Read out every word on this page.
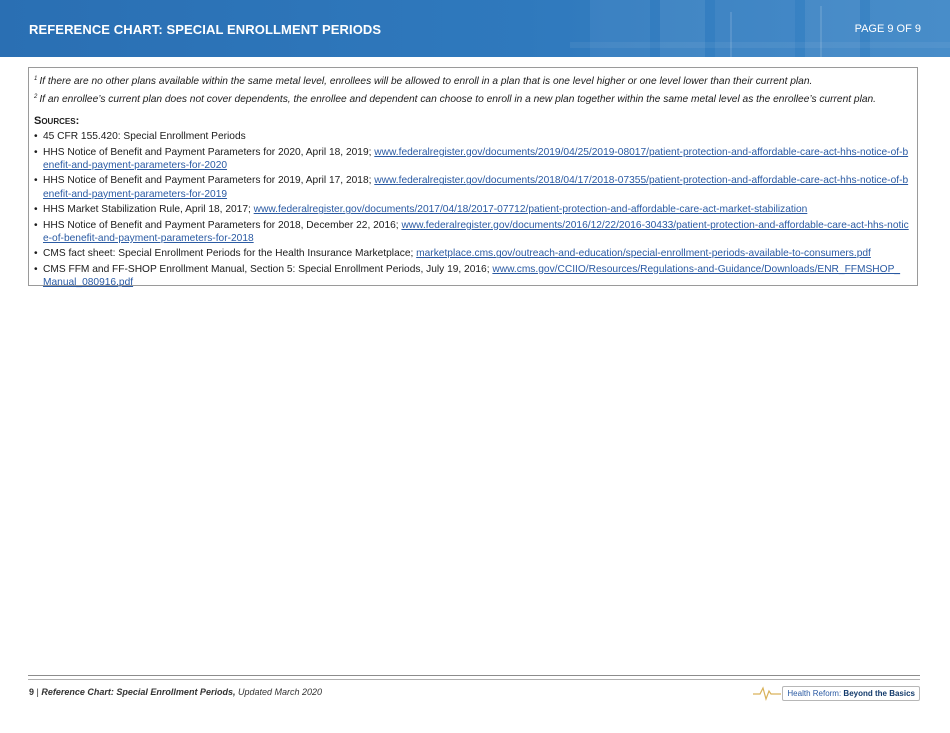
REFERENCE CHART: SPECIAL ENROLLMENT PERIODS	PAGE 9 OF 9
$^1$ If there are no other plans available within the same metal level, enrollees will be allowed to enroll in a plan that is one level higher or one level lower than their current plan.
$^2$ If an enrollee’s current plan does not cover dependents, the enrollee and dependent can choose to enroll in a new plan together within the same metal level as the enrollee’s current plan.
Sources:
• 45 CFR 155.420: Special Enrollment Periods
• HHS Notice of Benefit and Payment Parameters for 2020, April 18, 2019; www.federalregister.gov/documents/2019/04/25/2019-08017/patient-protection-and-affordable-care-act-hhs-notice-of-benefit-and-payment-parameters-for-2020
• HHS Notice of Benefit and Payment Parameters for 2019, April 17, 2018; www.federalregister.gov/documents/2018/04/17/2018-07355/patient-protection-and-affordable-care-act-hhs-notice-of-benefit-and-payment-parameters-for-2019
• HHS Market Stabilization Rule, April 18, 2017; www.federalregister.gov/documents/2017/04/18/2017-07712/patient-protection-and-affordable-care-act-market-stabilization
• HHS Notice of Benefit and Payment Parameters for 2018, December 22, 2016; www.federalregister.gov/documents/2016/12/22/2016-30433/patient-protection-and-affordable-care-act-hhs-notice-of-benefit-and-payment-parameters-for-2018
• CMS fact sheet: Special Enrollment Periods for the Health Insurance Marketplace; marketplace.cms.gov/outreach-and-education/special-enrollment-periods-available-to-consumers.pdf
• CMS FFM and FF-SHOP Enrollment Manual, Section 5: Special Enrollment Periods, July 19, 2016; www.cms.gov/CCIIO/Resources/Regulations-and-Guidance/Downloads/ENR_FFMSHOP_ Manual_080916.pdf
9 | Reference Chart: Special Enrollment Periods, Updated March 2020	Health Reform: Beyond the Basics
